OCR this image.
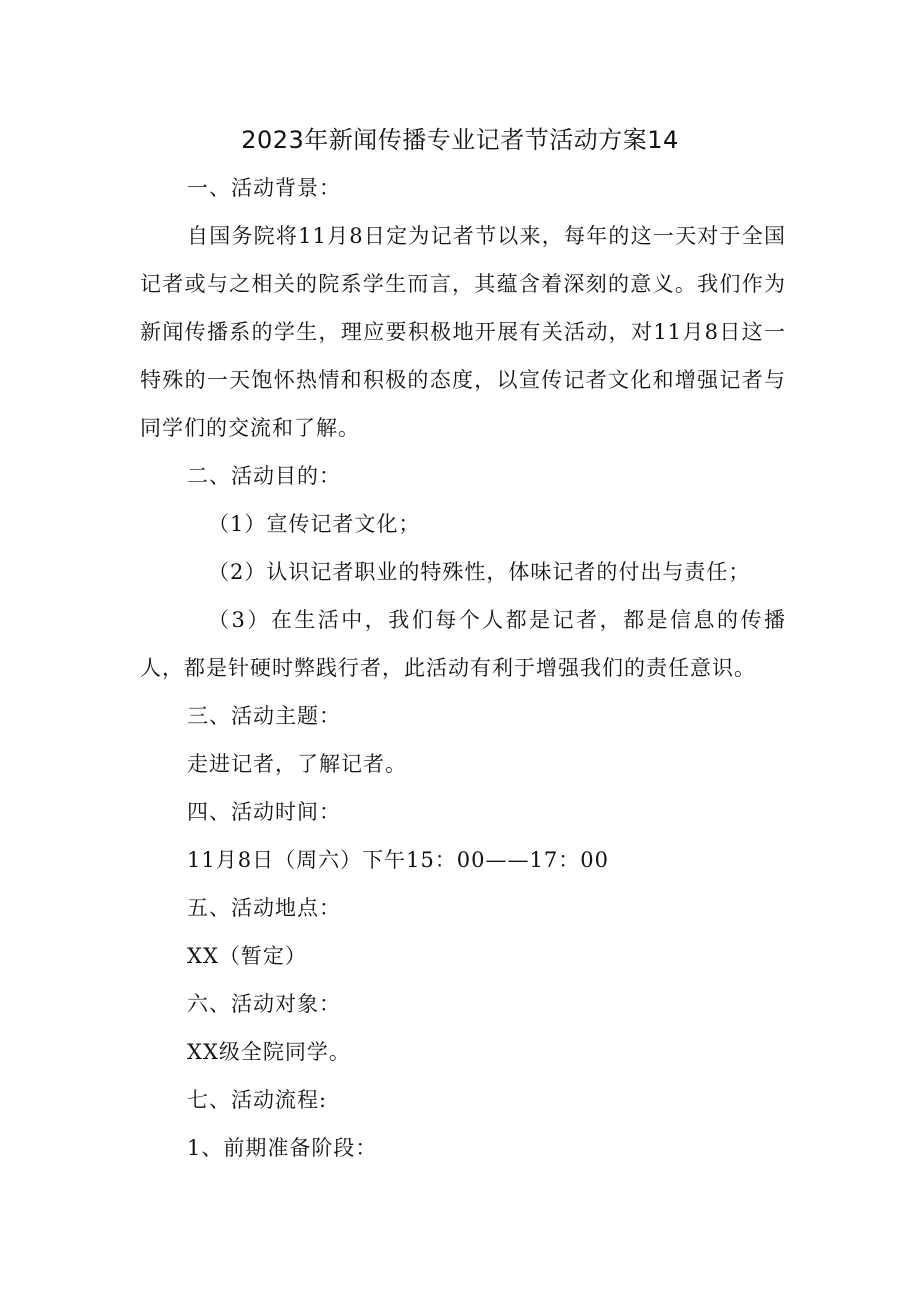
2023年新闻传播专业记者节活动方案14

一、活动背景：

自国务院将11月8日定为记者节以来，每年的这一天对于全国记者或与之相关的院系学生而言，其蕴含着深刻的意义。我们作为新闻传播系的学生，理应要积极地开展有关活动，对11月8日这一特殊的一天饱怀热情和积极的态度，以宣传记者文化和增强记者与同学们的交流和了解。

二、活动目的：

（1）宣传记者文化；

（2）认识记者职业的特殊性，体味记者的付出与责任；

（3）在生活中，我们每个人都是记者，都是信息的传播人，都是针硬时弊践行者，此活动有利于增强我们的责任意识。

三、活动主题：

走进记者，了解记者。

四、活动时间：

11月8日（周六）下午15：00——17：00

五、活动地点：

XX（暂定）

六、活动对象：

XX级全院同学。

七、活动流程:

1、前期准备阶段：
